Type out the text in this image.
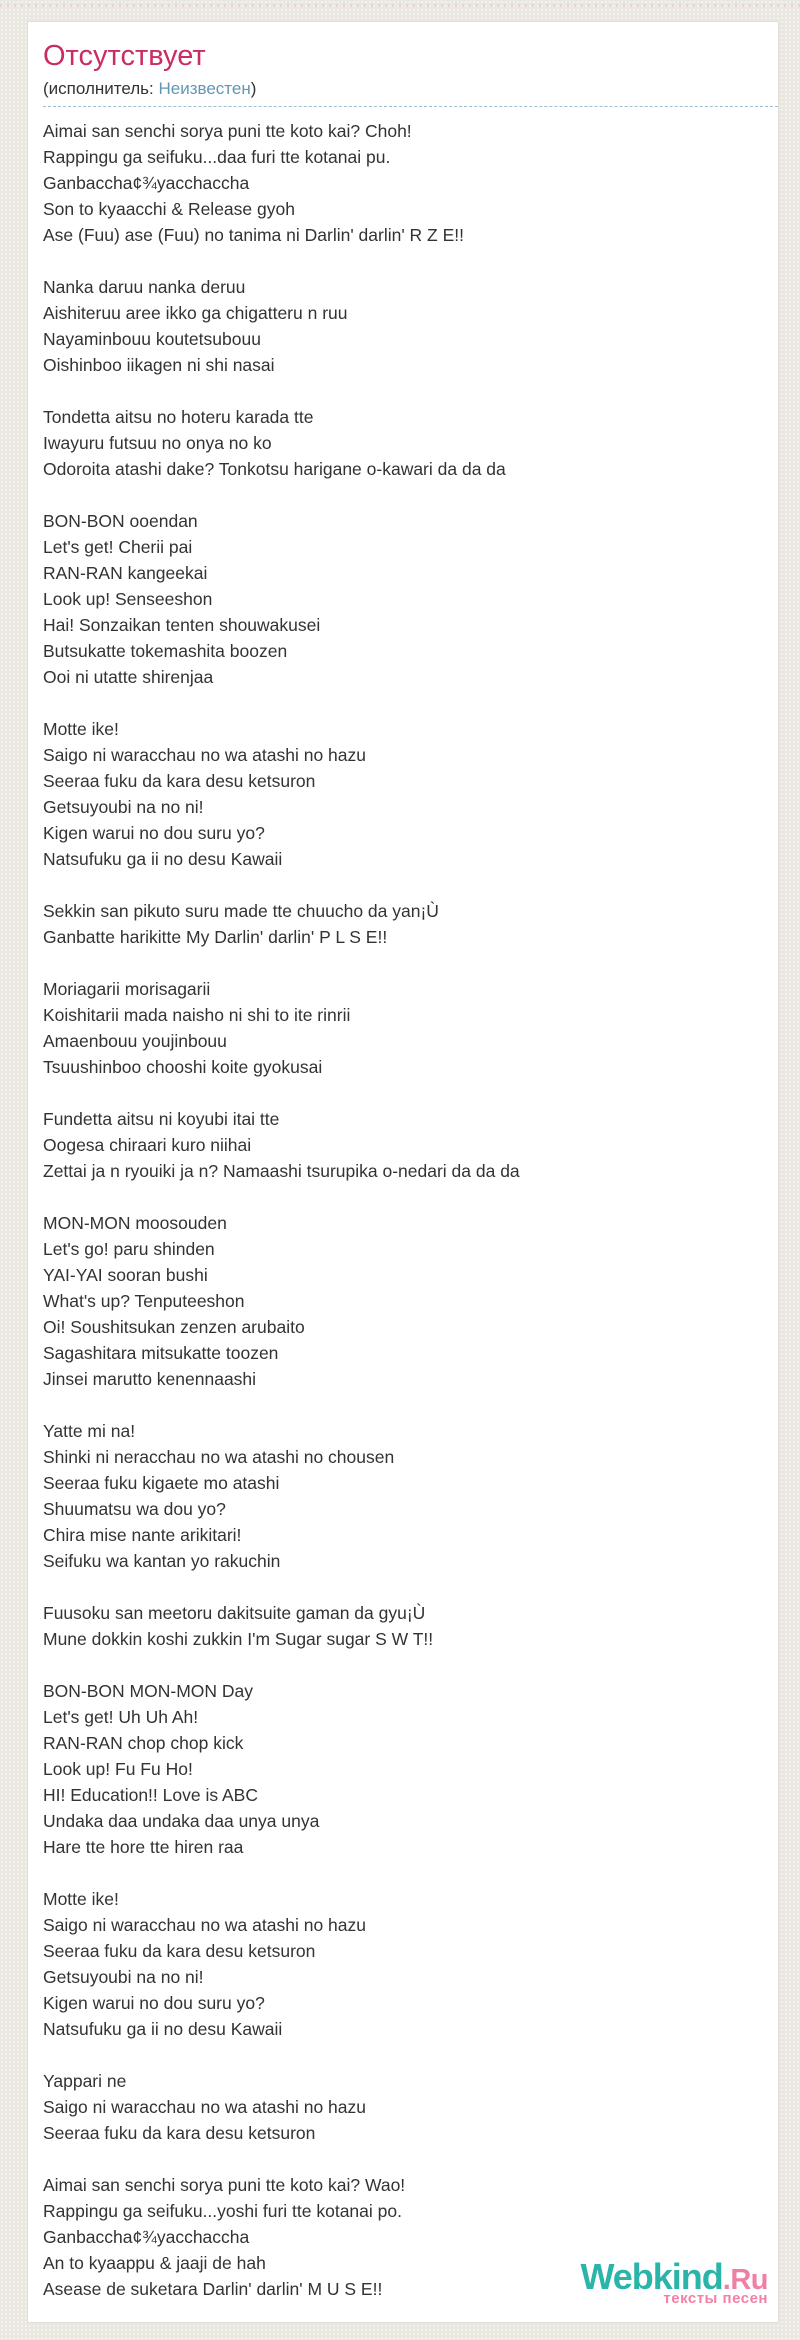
Отсутствует
(исполнитель: Неизвестен)
Aimai san senchi sorya puni tte koto kai? Choh!
Rappingu ga seifuku...daa furi tte kotanai pu.
Ganbaccha¢¾yacchaccha
Son to kyaacchi & Release gyoh
Ase (Fuu) ase (Fuu) no tanima ni Darlin' darlin' R Z E!!
Nanka daruu nanka deruu
Aishiteruu aree ikko ga chigatteru n ruu
Nayaminbouu koutetsubouu
Oishinboo iikagen ni shi nasai
Tondetta aitsu no hoteru karada tte
Iwayuru futsuu no onya no ko
Odoroita atashi dake? Tonkotsu harigane o-kawari da da da
BON-BON ooendan
Let's get! Cherii pai
RAN-RAN kangeekai
Look up! Senseeshon
Hai! Sonzaikan tenten shouwakusei
Butsukatte tokemashita boozen
Ooi ni utatte shirenjaa
Motte ike!
Saigo ni waracchau no wa atashi no hazu
Seeraa fuku da kara desu ketsuron
Getsuyoubi na no ni!
Kigen warui no dou suru yo?
Natsufuku ga ii no desu Kawaii
Sekkin san pikuto suru made tte chuucho da yan¡Ù
Ganbatte harikitte My Darlin' darlin' P L S E!!
Moriagarii morisagarii
Koishitarii mada naisho ni shi to ite rinrii
Amaenbouu youjinbouu
Tsuushinboo chooshi koite gyokusai
Fundetta aitsu ni koyubi itai tte
Oogesa chiraari kuro niihai
Zettai ja n ryouiki ja n? Namaashi tsurupika o-nedari da da da
MON-MON moosouden
Let's go! paru shinden
YAI-YAI sooran bushi
What's up? Tenputeeshon
Oi! Soushitsukan zenzen arubaito
Sagashitara mitsukatte toozen
Jinsei marutto kenennaashi
Yatte mi na!
Shinki ni neracchau no wa atashi no chousen
Seeraa fuku kigaete mo atashi
Shuumatsu wa dou yo?
Chira mise nante arikitari!
Seifuku wa kantan yo rakuchin
Fuusoku san meetoru dakitsuite gaman da gyu¡Ù
Mune dokkin koshi zukkin I'm Sugar sugar S W T!!
BON-BON MON-MON Day
Let's get! Uh Uh Ah!
RAN-RAN chop chop kick
Look up! Fu Fu Ho!
HI! Education!! Love is ABC
Undaka daa undaka daa unya unya
Hare tte hore tte hiren raa
Motte ike!
Saigo ni waracchau no wa atashi no hazu
Seeraa fuku da kara desu ketsuron
Getsuyoubi na no ni!
Kigen warui no dou suru yo?
Natsufuku ga ii no desu Kawaii
Yappari ne
Saigo ni waracchau no wa atashi no hazu
Seeraa fuku da kara desu ketsuron
Aimai san senchi sorya puni tte koto kai? Wao!
Rappingu ga seifuku...yoshi furi tte kotanai po.
Ganbaccha¢¾yacchaccha
An to kyaappu & jaaji de hah
Asease de suketara Darlin' darlin' M U S E!!	Webkind.Ru
тексты песен
